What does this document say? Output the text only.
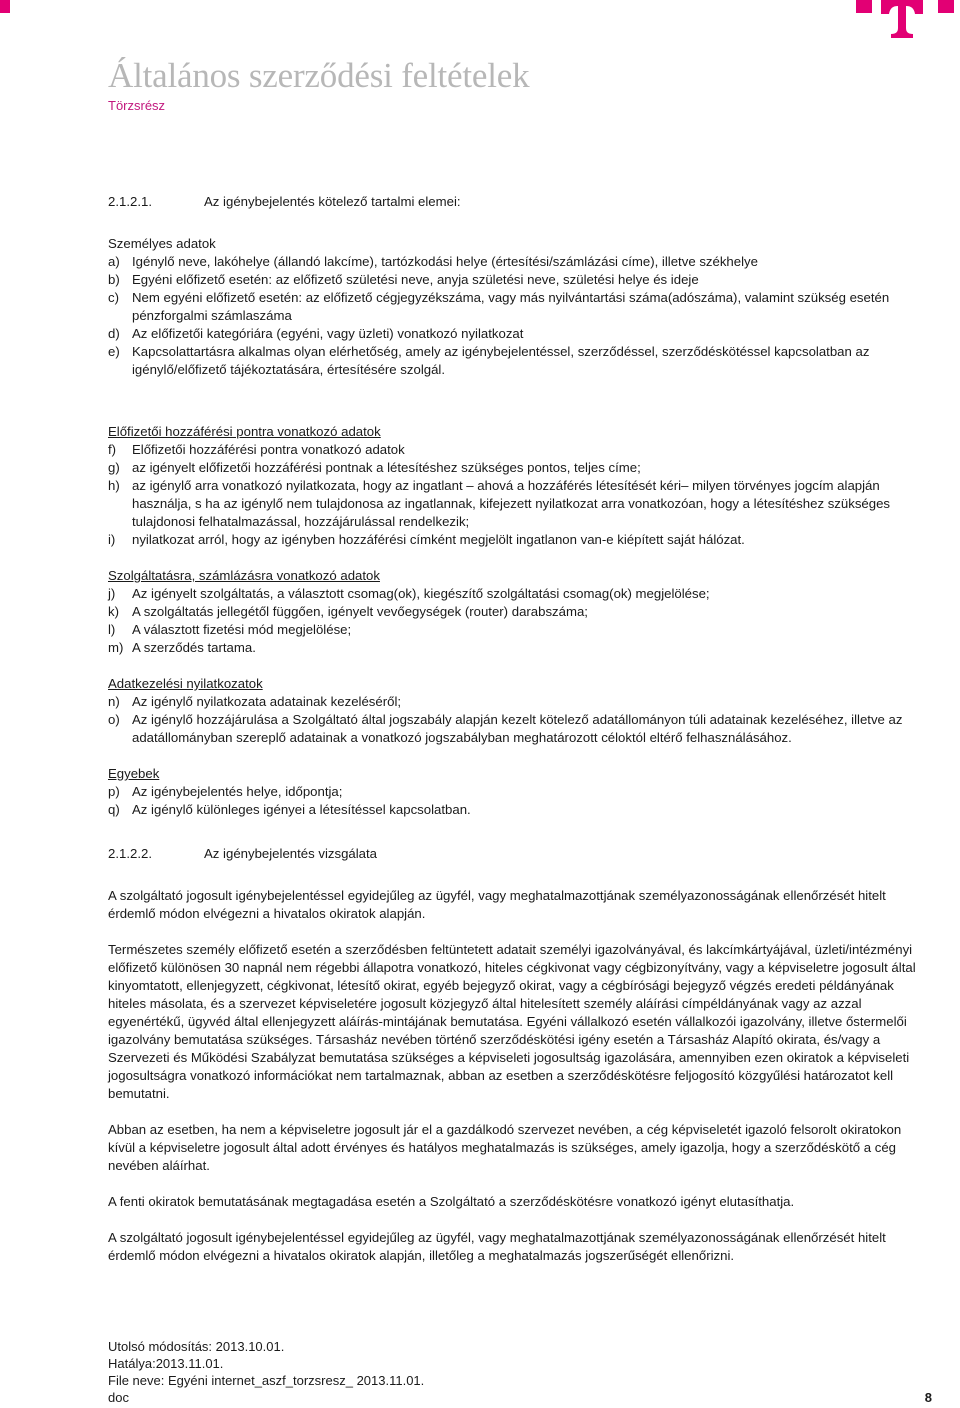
Általános szerződési feltételek
Törzsrész
2.1.2.1.	Az igénybejelentés kötelező tartalmi elemei:
Személyes adatok
a) Igénylő neve, lakóhelye (állandó lakcíme), tartózkodási helye (értesítési/számlázási címe), illetve székhelye
b) Egyéni előfizető esetén: az előfizető születési neve, anyja születési neve, születési helye és ideje
c) Nem egyéni előfizető esetén: az előfizető cégjegyzékszáma, vagy más nyilvántartási száma(adószáma), valamint szükség esetén pénzforgalmi számlaszáma
d) Az előfizetői kategóriára (egyéni, vagy üzleti) vonatkozó nyilatkozat
e) Kapcsolattartásra alkalmas olyan elérhetőség, amely az igénybejelentéssel, szerződéssel, szerződéskötéssel kapcsolatban az igénylő/előfizető tájékoztatására, értesítésére szolgál.
Előfizetői hozzáférési pontra vonatkozó adatok
f)	Előfizetői hozzáférési pontra vonatkozó adatok
g) az igényelt előfizetői hozzáférési pontnak a létesítéshez szükséges pontos, teljes címe;
h) az igénylő arra vonatkozó nyilatkozata, hogy az ingatlant – ahová a hozzáférés létesítését kéri– milyen törvényes jogcím alapján használja, s ha az igénylő nem tulajdonosa az ingatlannak, kifejezett nyilatkozat arra vonatkozóan, hogy a létesítéshez szükséges tulajdonosi felhatalmazással, hozzájárulással rendelkezik;
i)	nyilatkozat arról, hogy az igényben hozzáférési címként megjelölt ingatlanon van-e kiépített saját hálózat.
Szolgáltatásra, számlázásra vonatkozó adatok
j)	Az igényelt szolgáltatás, a választott csomag(ok), kiegészítő szolgáltatási csomag(ok) megjelölése;
k) A szolgáltatás jellegétől függően, igényelt vevőegységek (router) darabszáma;
l)	A választott fizetési mód megjelölése;
m) A szerződés tartama.
Adatkezelési nyilatkozatok
n) Az igénylő nyilatkozata adatainak kezeléséről;
o) Az igénylő hozzájárulása a Szolgáltató által jogszabály alapján kezelt kötelező adatállományon túli adatainak kezeléséhez, illetve az adatállományban szereplő adatainak a vonatkozó jogszabályban meghatározott céloktól eltérő felhasználásához.
Egyebek
p) Az igénybejelentés helye, időpontja;
q) Az igénylő különleges igényei a létesítéssel kapcsolatban.
2.1.2.2.	Az igénybejelentés vizsgálata

A szolgáltató jogosult igénybejelentéssel egyidejűleg az ügyfél, vagy meghatalmazottjának személyazonosságának ellenőrzését hitelt érdemlő módon elvégezni a hivatalos okiratok alapján.

Természetes személy előfizető esetén a szerződésben feltüntetett adatait személyi igazolványával, és lakcímkártyájával, üzleti/intézményi előfizető különösen 30 napnál nem régebbi állapotra vonatkozó, hiteles cégkivonat vagy cégbizonyítvány, vagy a képviseletre jogosult által kinyomtatott, ellenjegyzett, cégkivonat, létesítő okirat, egyéb bejegyző okirat, vagy a cégbírósági bejegyző végzés eredeti példányának hiteles másolata, és a szervezet képviseletére jogosult közjegyző által hitelesített személy aláírási címpéldányának vagy az azzal egyenértékű, ügyvéd által ellenjegyzett aláírás-mintájának bemutatása. Egyéni vállalkozó esetén vállalkozói igazolvány, illetve őstermelői igazolvány bemutatása szükséges. Társasház nevében történő szerződéskötési igény esetén a Társasház Alapító okirata, és/vagy a Szervezeti és Működési Szabályzat bemutatása szükséges a képviseleti jogosultság igazolására, amennyiben ezen okiratok a képviseleti jogosultságra vonatkozó információkat nem tartalmaznak, abban az esetben a szerződéskötésre feljogosító közgyűlési határozatot kell bemutatni.

Abban az esetben, ha nem a képviseletre jogosult jár el a gazdálkodó szervezet nevében, a cég képviseletét igazoló felsorolt okiratokon kívül a képviseletre jogosult által adott érvényes és hatályos meghatalmazás is szükséges, amely igazolja, hogy a szerződéskötő a cég nevében aláírhat.

A fenti okiratok bemutatásának megtagadása esetén a Szolgáltató a szerződéskötésre vonatkozó igényt elutasíthatja.

A szolgáltató jogosult igénybejelentéssel egyidejűleg az ügyfél, vagy meghatalmazottjának személyazonosságának ellenőrzését hitelt érdemlő módon elvégezni a hivatalos okiratok alapján, illetőleg a meghatalmazás jogszerűségét ellenőrizni.

Utolsó módosítás: 2013.10.01.
Hatálya:2013.11.01.
File neve: Egyéni internet_aszf_torzsresz_ 2013.11.01.
doc	8
